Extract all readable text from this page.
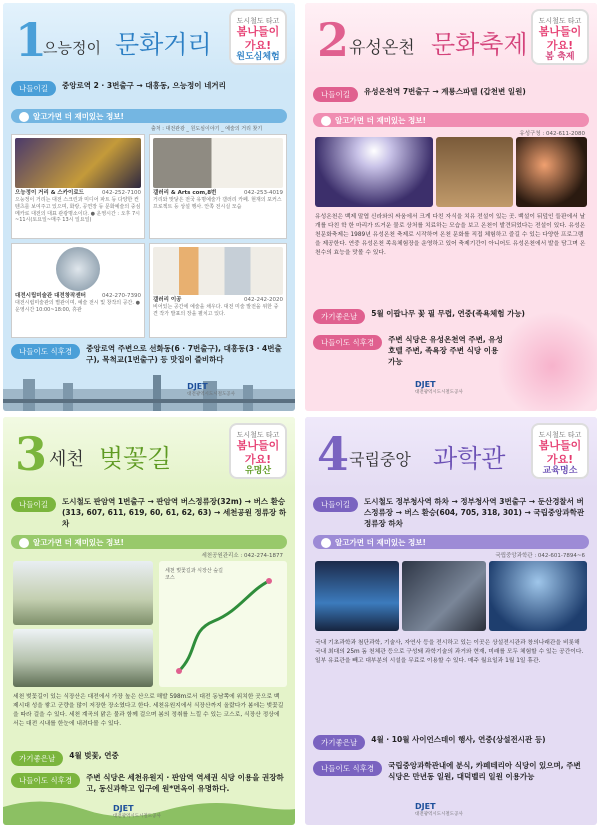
1
으능정이 문화거리
도시철도 타고
봄나들이 가요!
원도심체험
나들이길	중앙로역 2 · 3번출구 → 대흥동, 으능정이 네거리
알고가면 더 재미있는 정보!
출처 : 대전관광 _ 원도심이야기 _ 예술의 거리 찾기
042-252-7100
으능정이 거리 & 스카이로드
으능정이 거리는 대전 스크린과 미디어 파트 등 다양한 컨텐츠를 보여주고 있으며, 화랑, 공연장 등 문화예술의 중심 메카로 대전의 대표 관광명소이다. ● 운영시간 : 오후 7시~11시(토요일~매주 13시 일요일)
042-253-4019
갤러리 & Arts com,8번
거리와 맞닿은 전국 유명예술가 갤러리 카페. 현재의 포커스 프로젝트 등 상설 행사. 안쪽 전시실 모습
042-270-7390
대전시립미술관 대전창작센터
대전시립미술관의 별관이며, 예술 전시 및 창작의 공간. ● 운영시간 10:00~18:00, 휴관
042-242-2020
갤러리 이공
비어있는 공간에 예술을 채우다. 대전 미술 발전을 위한 중견 작가 발표의 장을 펼치고 있다.
나들이도 식후경	중앙로역 주변으로 선화동(6 · 7번출구), 대흥동(3 · 4번출구), 목척교(1번출구) 등 맛집이 즐비하다
DJET
대전광역시도시철도공사
2 유성온천 문화축제
도시철도 타고
봄나들이 가요!
봄 축제
나들이길	유성온천역 7번출구 → 계룡스파텔 (갑천변 일원)
알고가면 더 재미있는 정보!
유성구청 : 042-611-2080
유성온천은 백제 말엽 신라와의 싸움에서 크게 다친 자식을 치유 전설이 있는 곳. 백설이 뒤덮인 들판에서 날개를 다친 학 한 마리가 뜨거운 물로 상처를 치료하는 모습을 보고 온천이 발견되었다는 전설이 있다. 유성온천문화축제는 1989년 유성온천 축제로 시작하여 온천 문화를 직접 체험하고 즐길 수 있는 다양한 프로그램을 제공한다. 연중 유성온천 족욕체험장을 운영하고 있어 축제기간이 아니어도 유성온천에서 발을 담그며 온천수의 효능을 맛볼 수 있다.
가기좋은날	5월 이팝나무 꽃 필 무렵, 연중(족욕체험 가능)
나들이도 식후경	주변 식당은 유성온천역 주변, 유성호텔 주변, 족욕장 주변 식당 이용 가능
DJET
대전광역시도시철도공사
3 세천 벚꽃길
도시철도 타고
봄나들이 가요!
유명산
나들이길	도시철도 판암역 1번출구 → 판암역 버스정류장(32m) → 버스 환승(313, 607, 611, 619, 60, 61, 62, 63) → 세천공원 정류장 하차
알고가면 더 재미있는 정보!
세천공원관리소 : 042-274-1877
세천 벚꽃길과 식장산 숲길 코스
세천 벚꽃길이 있는 식장산은 대전에서 가장 높은 산으로 해발 598m로서 대전 동남쪽에 위치한 곳으로 백제시대 성을 쌓고 군량을 많이 저장한 장소였다고 한다. 세천유원지에서 식장산까지 올랐다가 봄에는 벚꽃길을 따라 걸을 수 있다. 세천 계곡의 맑은 물과 함께 걸으며 봄의 정취를 느낄 수 있는 코스로, 식장산 정상에서는 대전 시내를 한눈에 내려다볼 수 있다.
가기좋은날	4월 벚꽃, 연중
나들이도 식후경	주변 식당은 세천유원지 · 판암역 역세권 식당 이용을 권장하고, 동신과학고 입구에 원*면옥이 유명하다.
DJET
대전광역시도시철도공사
4 국립중앙 과학관
도시철도 타고
봄나들이 가요!
교육명소
나들이길	도시철도 정부청사역 하차 → 정부청사역 3번출구 → 둔산경찰서 버스정류장 → 버스 환승(604, 705, 318, 301) → 국립중앙과학관 정류장 하차
알고가면 더 재미있는 정보!
국립중앙과학관 : 042-601-7894~6
국내 기초과학과 첨단과학, 기술사, 자연사 등을 전시하고 있는 이곳은 상설전시관과 창의나래관을 비롯해 국내 최대의 25m 돔 천체관 등으로 구성돼 과학기술의 과거와 현재, 미래를 모두 체험할 수 있는 공간이다. 일부 유료관을 빼고 대부분의 시설을 무료로 이용할 수 있다. 매주 월요일과 1월 1일 휴관.
가기좋은날	4월 · 10월 사이언스데이 행사, 연중(상설전시관 등)
나들이도 식후경	국립중앙과학관내에 분식, 카페테리아 식당이 있으며, 주변 식당은 만년동 일원, 대덕벨리 일원 이용가능
DJET
대전광역시도시철도공사
